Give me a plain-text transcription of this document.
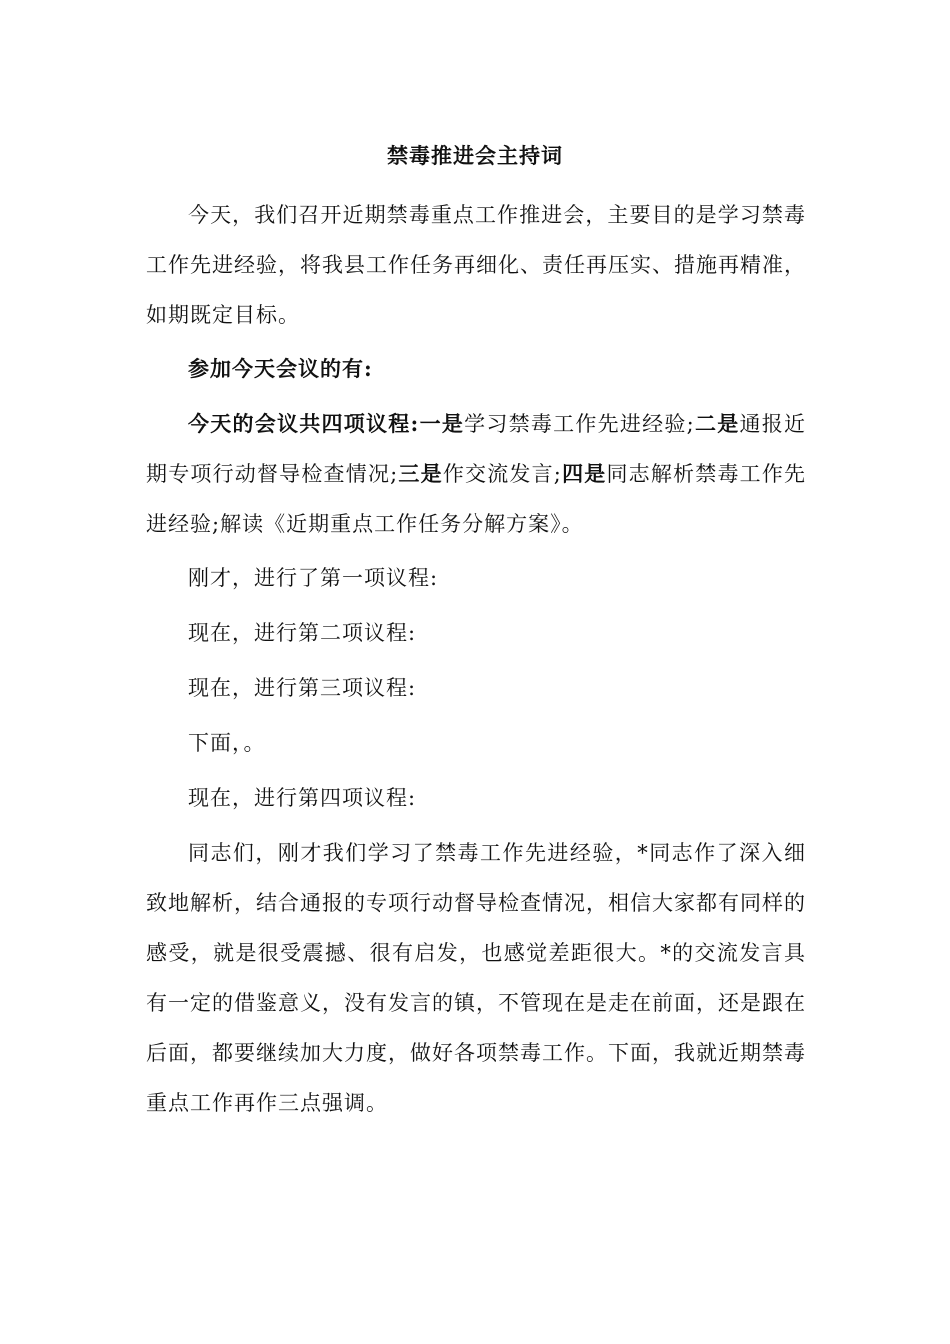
禁毒推进会主持词

今天，我们召开近期禁毒重点工作推进会，主要目的是学习禁毒工作先进经验，将我县工作任务再细化、责任再压实、措施再精准，如期既定目标。

参加今天会议的有:

今天的会议共四项议程:一是学习禁毒工作先进经验;二是通报近期专项行动督导检查情况;三是作交流发言;四是同志解析禁毒工作先进经验;解读《近期重点工作任务分解方案》。

刚才，进行了第一项议程:

现在，进行第二项议程:

现在，进行第三项议程:

下面，。

现在，进行第四项议程:

同志们，刚才我们学习了禁毒工作先进经验，*同志作了深入细致地解析，结合通报的专项行动督导检查情况，相信大家都有同样的感受，就是很受震撼、很有启发，也感觉差距很大。*的交流发言具有一定的借鉴意义，没有发言的镇，不管现在是走在前面，还是跟在后面，都要继续加大力度，做好各项禁毒工作。下面，我就近期禁毒重点工作再作三点强调。
